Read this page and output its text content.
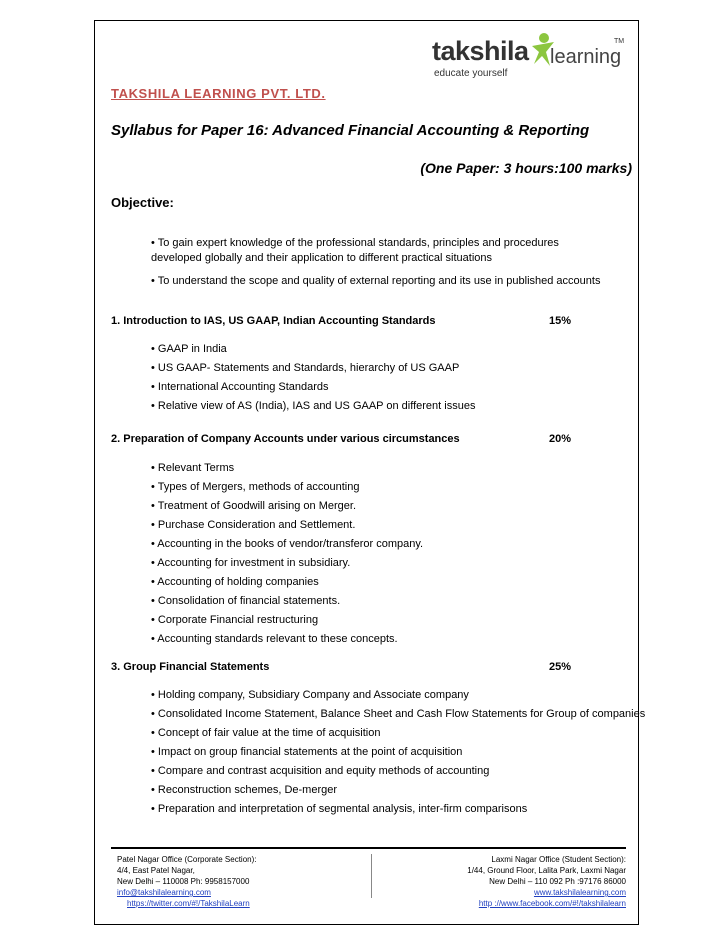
takshila learning
educate yourself
TM
TAKSHILA LEARNING PVT. LTD.
Syllabus for Paper 16: Advanced Financial Accounting & Reporting
(One Paper: 3 hours:100 marks)
Objective:
• To gain expert knowledge of the professional standards, principles and procedures developed globally and their application to different practical situations
• To understand the scope and quality of external reporting and its use in published accounts
1. Introduction to IAS, US GAAP, Indian Accounting Standards	15%
• GAAP in India
• US GAAP- Statements and Standards, hierarchy of US GAAP
• International Accounting Standards
• Relative view of AS (India), IAS and US GAAP on different issues
2. Preparation of Company Accounts under various circumstances	20%
• Relevant Terms
• Types of Mergers, methods of accounting
• Treatment of Goodwill arising on Merger.
• Purchase Consideration and Settlement.
• Accounting in the books of vendor/transferor company.
• Accounting for investment in subsidiary.
• Accounting of holding companies
• Consolidation of financial statements.
• Corporate Financial restructuring
• Accounting standards relevant to these concepts.
3. Group Financial Statements	25%
• Holding company, Subsidiary Company and Associate company
• Consolidated Income Statement, Balance Sheet and Cash Flow Statements for Group of companies
• Concept of fair value at the time of acquisition
• Impact on group financial statements at the point of acquisition
• Compare and contrast acquisition and equity methods of accounting
• Reconstruction schemes, De-merger
• Preparation and interpretation of segmental analysis, inter-firm comparisons
Patel Nagar Office (Corporate Section):
4/4, East Patel Nagar,
New Delhi – 110008 Ph: 9958157000
info@takshilalearning.com
https://twitter.com/#!/TakshilaLearn
Laxmi Nagar Office (Student Section):
1/44, Ground Floor, Lalita Park, Laxmi Nagar
New Delhi – 110 092 Ph :97176 86000
www.takshilalearning.com
http ://www.facebook.com/#!/takshilalearn
